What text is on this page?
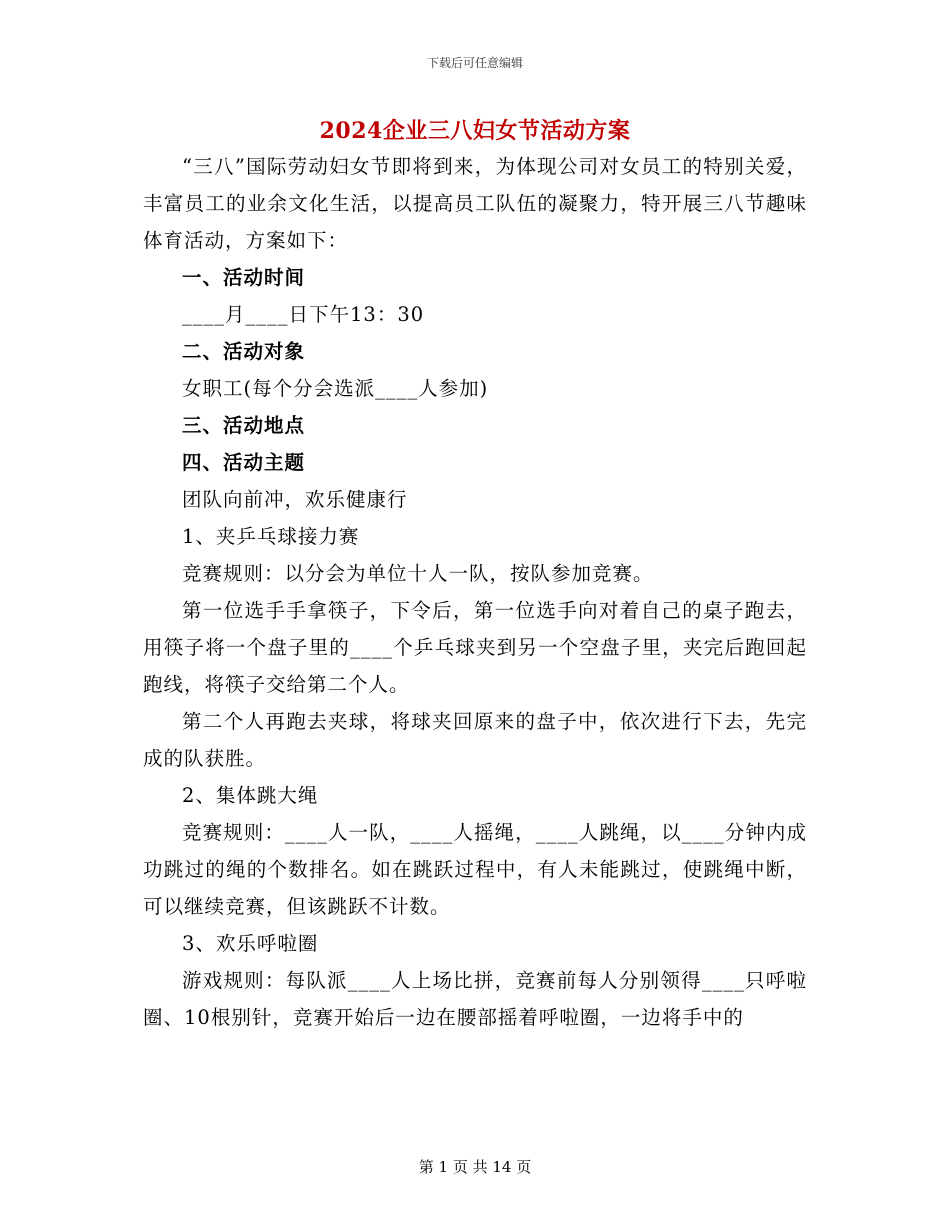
下载后可任意编辑
2024企业三八妇女节活动方案

“三八”国际劳动妇女节即将到来，为体现公司对女员工的特别关爱，丰富员工的业余文化生活，以提高员工队伍的凝聚力，特开展三八节趣味体育活动，方案如下：

一、活动时间

____月____日下午13：30

二、活动对象

女职工(每个分会选派____人参加)

三、活动地点

四、活动主题

团队向前冲，欢乐健康行

1、夹乒乓球接力赛

竞赛规则：以分会为单位十人一队，按队参加竞赛。

第一位选手手拿筷子，下令后，第一位选手向对着自己的桌子跑去，用筷子将一个盘子里的____个乒乓球夹到另一个空盘子里，夹完后跑回起跑线，将筷子交给第二个人。

第二个人再跑去夹球，将球夹回原来的盘子中，依次进行下去，先完成的队获胜。

2、集体跳大绳

竞赛规则：____人一队，____人摇绳，____人跳绳，以____分钟内成功跳过的绳的个数排名。如在跳跃过程中，有人未能跳过，使跳绳中断，可以继续竞赛，但该跳跃不计数。

3、欢乐呼啦圈

游戏规则：每队派____人上场比拼，竞赛前每人分别领得____只呼啦圈、10根别针，竞赛开始后一边在腰部摇着呼啦圈，一边将手中的

第 1 页 共 14 页
